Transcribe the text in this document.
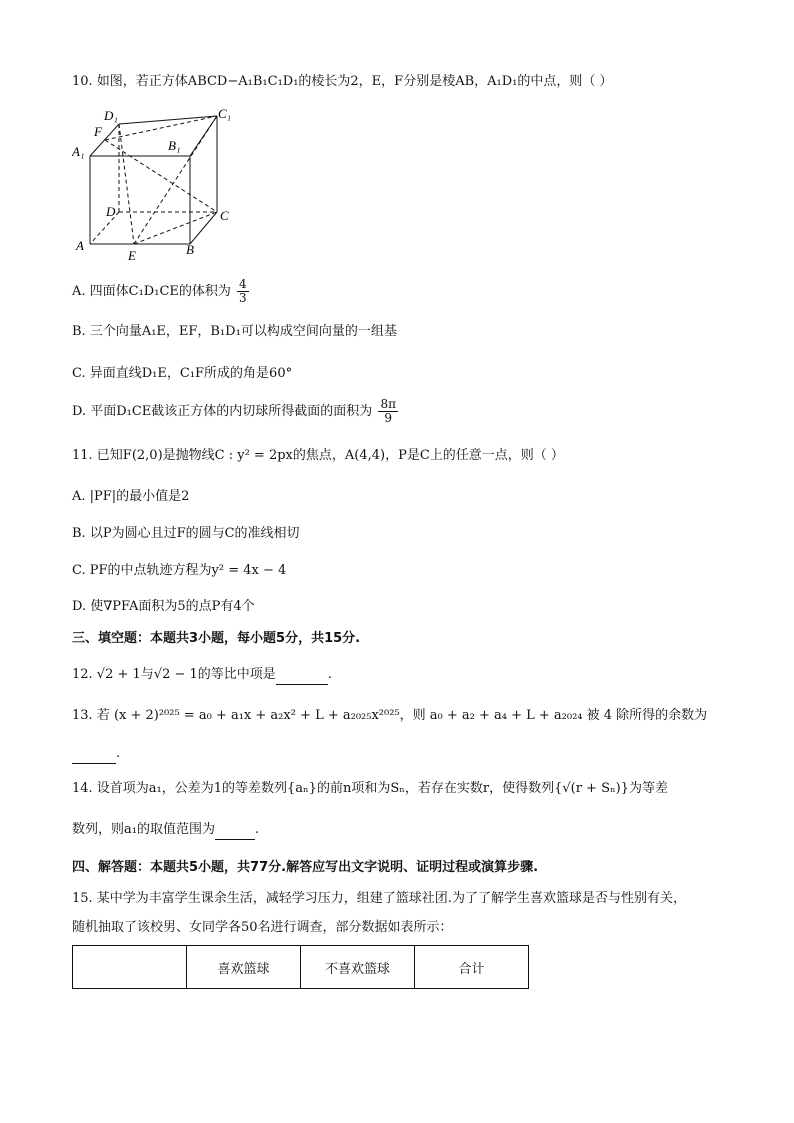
10. 如图，若正方体ABCD−A₁B₁C₁D₁的棱长为2，E，F分别是棱AB，A₁D₁的中点，则（ ）
D₁	C₁
F
A₁	B₁
D	C
A
E	B
A. 四面体C₁D₁CE的体积为 $\frac{4}{3}$
B. 三个向量A₁E，EF，B₁D₁可以构成空间向量的一组基
C. 异面直线D₁E，C₁F所成的角是60°
D. 平面D₁CE截该正方体的内切球所得截面的面积为 $\frac{8\pi}{9}$
11. 已知F(2,0)是抛物线C : y² = 2px的焦点，A(4,4)，P是C上的任意一点，则（ ）
A. |PF|的最小值是2
B. 以P为圆心且过F的圆与C的准线相切
C. PF的中点轨迹方程为y² = 4x − 4
D. 使∇PFA面积为5的点P有4个
三、填空题：本题共3小题，每小题5分，共15分.
12. √2 + 1与√2 − 1的等比中项是	.
13. 若 (x + 2)²⁰²⁵ = a₀ + a₁x + a₂x² + L + a₂₀₂₅x²⁰²⁵，则 a₀ + a₂ + a₄ + L + a₂₀₂₄ 被 4 除所得的余数为
.
14. 设首项为a₁，公差为1的等差数列{aₙ}的前n项和为Sₙ，若存在实数r，使得数列{√(r + Sₙ)}为等差
数列，则a₁的取值范围为	.
四、解答题：本题共5小题，共77分.解答应写出文字说明、证明过程或演算步骤.
15. 某中学为丰富学生课余生活，减轻学习压力，组建了篮球社团.为了了解学生喜欢篮球是否与性别有关，
随机抽取了该校男、女同学各50名进行调查，部分数据如表所示：
	喜欢篮球	不喜欢篮球	合计
